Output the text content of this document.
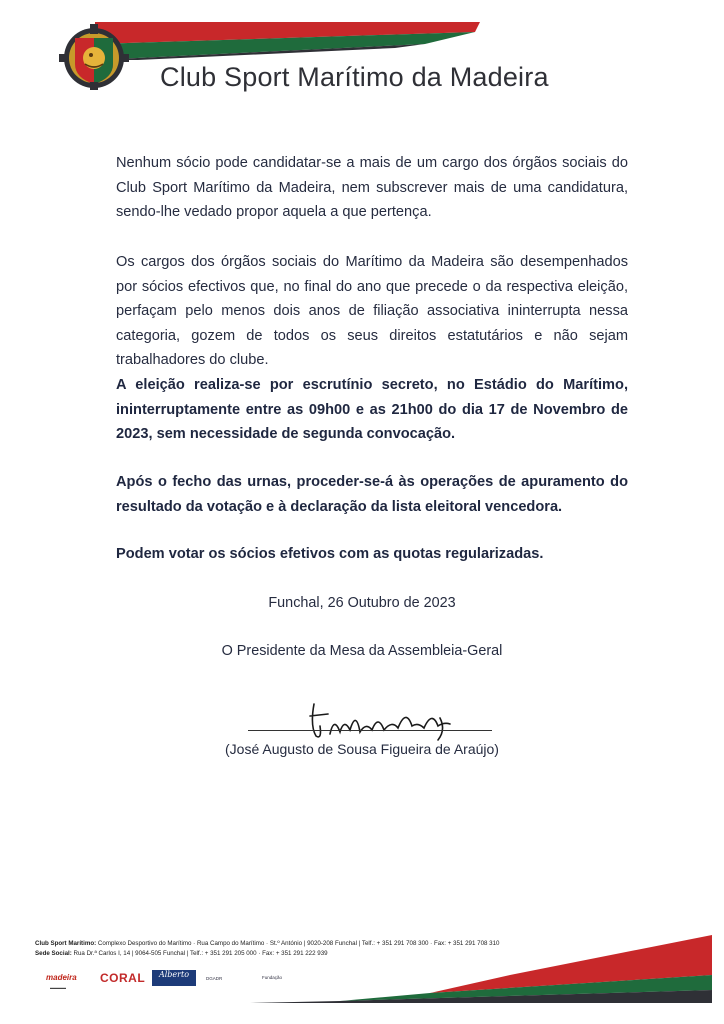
Club Sport Marítimo da Madeira

Nenhum sócio pode candidatar-se a mais de um cargo dos órgãos sociais do Club Sport Marítimo da Madeira, nem subscrever mais de uma candidatura, sendo-lhe vedado propor aquela a que pertença.

Os cargos dos órgãos sociais do Marítimo da Madeira são desempenhados por sócios efectivos que, no final do ano que precede o da respectiva eleição, perfaçam pelo menos dois anos de filiação associativa ininterrupta nessa categoria, gozem de todos os seus direitos estatutários e não sejam trabalhadores do clube.

A eleição realiza-se por escrutínio secreto, no Estádio do Marítimo, ininterruptamente entre as 09h00 e as 21h00 do dia 17 de Novembro de 2023, sem necessidade de segunda convocação.

Após o fecho das urnas, proceder-se-á às operações de apuramento do resultado da votação e à declaração da lista eleitoral vencedora.

Podem votar os sócios efetivos com as quotas regularizadas.

Funchal, 26 Outubro de 2023
O Presidente da Mesa da Assembleia-Geral
(José Augusto de Sousa Figueira de Araújo)
Club Sport Marítimo: Complexo Desportivo do Marítimo · Rua Campo do Marítimo · St.º António | 9020-208 Funchal | Telf.: + 351 291 708 300 · Fax: + 351 291 708 310
Sede Social: Rua Dr.ª Carlos I, 14 | 9064-505 Funchal | Telf.: + 351 291 205 000 · Fax: + 351 291 222 939
madeira
▬▬▬▬
CORAL	Alberto	DGADR	Fundação
